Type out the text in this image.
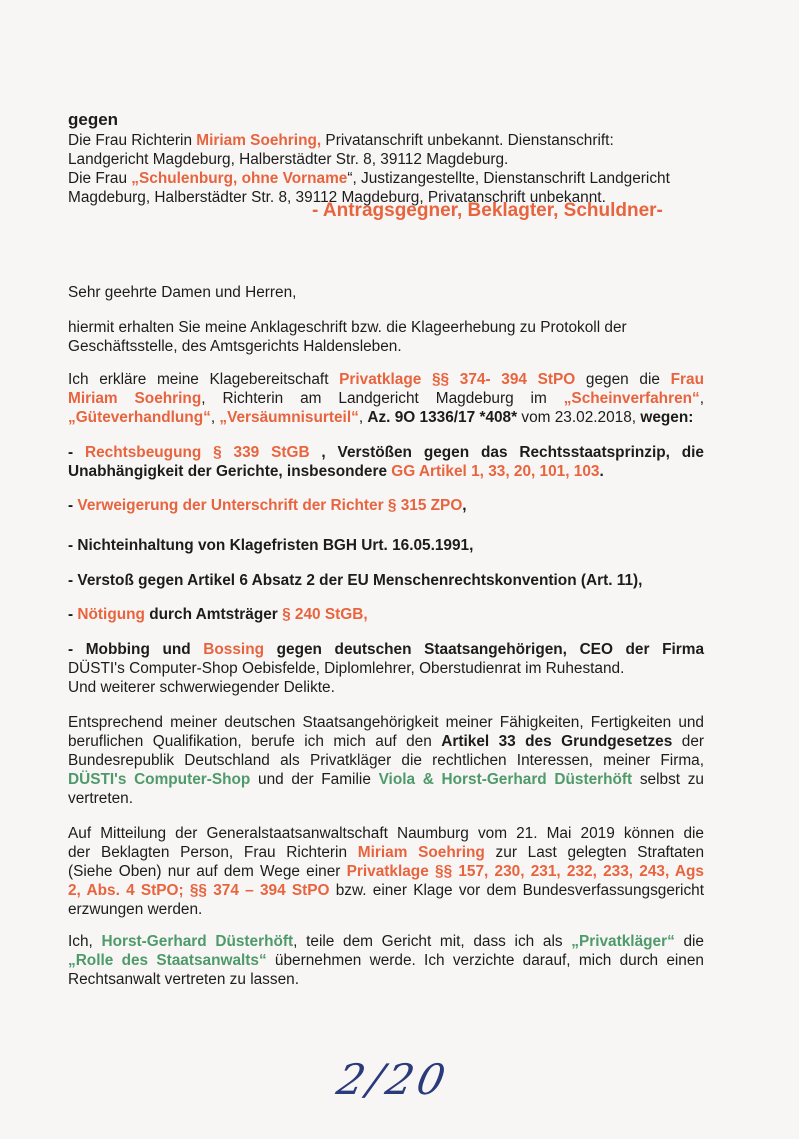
gegen
Die Frau Richterin Miriam Soehring, Privatanschrift unbekannt. Dienstanschrift:
Landgericht Magdeburg, Halberstädter Str. 8, 39112 Magdeburg.
Die Frau „Schulenburg, ohne Vorname“, Justizangestellte, Dienstanschrift Landgericht
Magdeburg, Halberstädter Str. 8, 39112 Magdeburg, Privatanschrift unbekannt.
- Antragsgegner, Beklagter, Schuldner-
Sehr geehrte Damen und Herren,
hiermit erhalten Sie meine Anklageschrift bzw. die Klageerhebung zu Protokoll der
Geschäftsstelle, des Amtsgerichts Haldensleben.
Ich erkläre meine Klagebereitschaft Privatklage §§ 374- 394 StPO gegen die Frau
Miriam Soehring, Richterin am Landgericht Magdeburg im „Scheinverfahren“,
„Güteverhandlung“, „Versäumnisurteil“, Az. 9O 1336/17 *408* vom 23.02.2018, wegen:
- Rechtsbeugung § 339 StGB , Verstößen gegen das Rechtsstaatsprinzip, die
Unabhängigkeit der Gerichte, insbesondere GG Artikel 1, 33, 20, 101, 103.
- Verweigerung der Unterschrift der Richter § 315 ZPO,
- Nichteinhaltung von Klagefristen BGH Urt. 16.05.1991,
- Verstoß gegen Artikel 6 Absatz 2 der EU Menschenrechtskonvention (Art. 11),
- Nötigung durch Amtsträger § 240 StGB,
- Mobbing und Bossing gegen deutschen Staatsangehörigen, CEO der Firma
DÜSTI's Computer-Shop Oebisfelde, Diplomlehrer, Oberstudienrat im Ruhestand.
Und weiterer schwerwiegender Delikte.
Entsprechend meiner deutschen Staatsangehörigkeit meiner Fähigkeiten, Fertigkeiten und
beruflichen Qualifikation, berufe ich mich auf den Artikel 33 des Grundgesetzes der
Bundesrepublik Deutschland als Privatkläger die rechtlichen Interessen, meiner Firma,
DÜSTI's Computer-Shop und der Familie Viola & Horst-Gerhard Düsterhöft selbst zu
vertreten.
Auf Mitteilung der Generalstaatsanwaltschaft Naumburg vom 21. Mai 2019 können die
der Beklagten Person, Frau Richterin Miriam Soehring zur Last gelegten Straftaten
(Siehe Oben) nur auf dem Wege einer Privatklage §§ 157, 230, 231, 232, 233, 243, Ags
2, Abs. 4 StPO; §§ 374 – 394 StPO bzw. einer Klage vor dem Bundesverfassungsgericht
erzwungen werden.
Ich, Horst-Gerhard Düsterhöft, teile dem Gericht mit, dass ich als „Privatkläger“ die
„Rolle des Staatsanwalts“ übernehmen werde. Ich verzichte darauf, mich durch einen
Rechtsanwalt vertreten zu lassen.
2/20
